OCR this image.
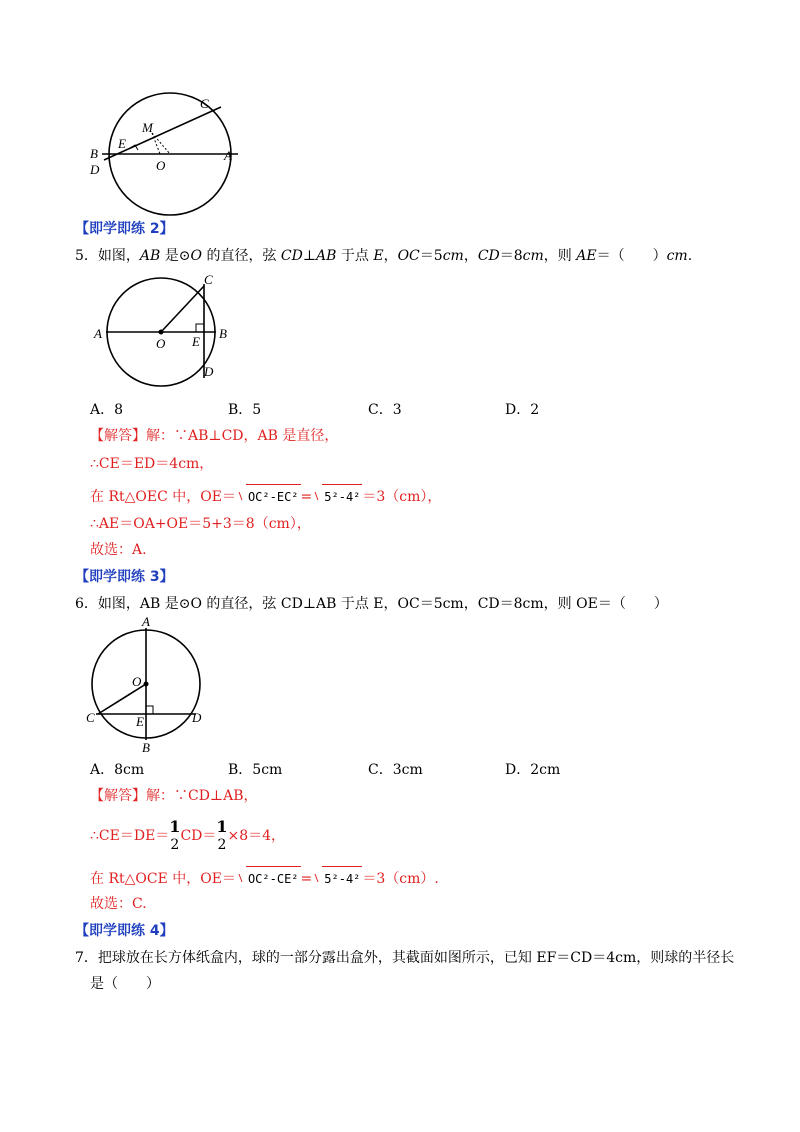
B
E
M
O
C
A
D
【即学即练 2】
5．如图，AB 是⊙O 的直径，弦 CD⊥AB 于点 E，OC＝5cm，CD＝8cm，则 AE＝（　　）cm.
A
O E
B
C
D
A．8	B．5	C．3	D．2
【解答】解：∵AB⊥CD，AB 是直径，
∴CE＝ED＝4cm，
在 Rt△OEC 中，OE＝ OC²-EC² = 5²-4² ＝3（cm），
∴AE＝OA+OE＝5+3＝8（cm），
故选：A.
【即学即练 3】
6．如图，AB 是⊙O 的直径，弦 CD⊥AB 于点 E，OC＝5cm，CD＝8cm，则 OE＝（　　）
A
O
C	E	D
B
A．8cm	B．5cm	C．3cm	D．2cm
【解答】解：∵CD⊥AB，
∴CE＝DE＝ 1
2
CD＝ 1
2
×8＝4，
在 Rt△OCE 中，OE＝ OC²-CE² = 5²-4² ＝3（cm）.
故选：C.
【即学即练 4】
7．把球放在长方体纸盒内，球的一部分露出盒外，其截面如图所示，已知 EF＝CD＝4cm，则球的半径长
是（　　）
